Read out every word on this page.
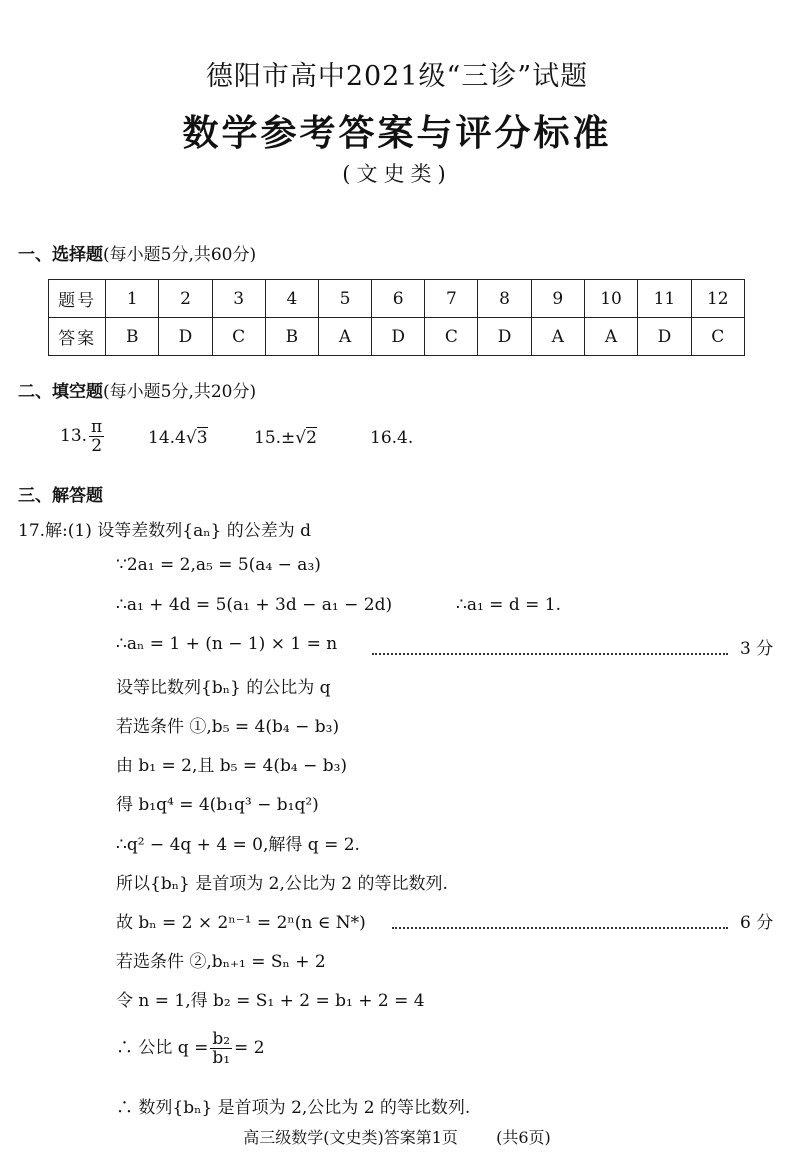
德阳市高中2021级“三诊”试题
数学参考答案与评分标准
(文史类)
一、选择题(每小题5分,共60分)
题号	1	2	3	4	5	6	7	8	9	10	11	12
答案	B	D	C	B	A	D	C	D	A	A	D	C
二、填空题(每小题5分,共20分)
13. $\frac{\pi}{2}$	14.4√3	15.±√2	16.4.
三、解答题
17.解:(1) 设等差数列{aₙ} 的公差为 d
∵2a₁ = 2,a₅ = 5(a₄ − a₃)
∴a₁ + 4d = 5(a₁ + 3d − a₁ − 2d)	∴a₁ = d = 1.
∴aₙ = 1 + (n − 1) × 1 = n	3 分
设等比数列{bₙ} 的公比为 q
若选条件 ①,b₅ = 4(b₄ − b₃)
由 b₁ = 2,且 b₅ = 4(b₄ − b₃)
得 b₁q⁴ = 4(b₁q³ − b₁q²)
∴q² − 4q + 4 = 0,解得 q = 2.
所以{bₙ} 是首项为 2,公比为 2 的等比数列.
故 bₙ = 2 × 2ⁿ⁻¹ = 2ⁿ(n ∈ N*)	6 分
若选条件 ②,bₙ₊₁ = Sₙ + 2
令 n = 1,得 b₂ = S₁ + 2 = b₁ + 2 = 4
∴ 公比 $q = \frac{\text{b₂}}{\text{b₁}} = 2$
∴ 数列{bₙ} 是首项为 2,公比为 2 的等比数列.
高三级数学(文史类)答案第1页 (共6页)
